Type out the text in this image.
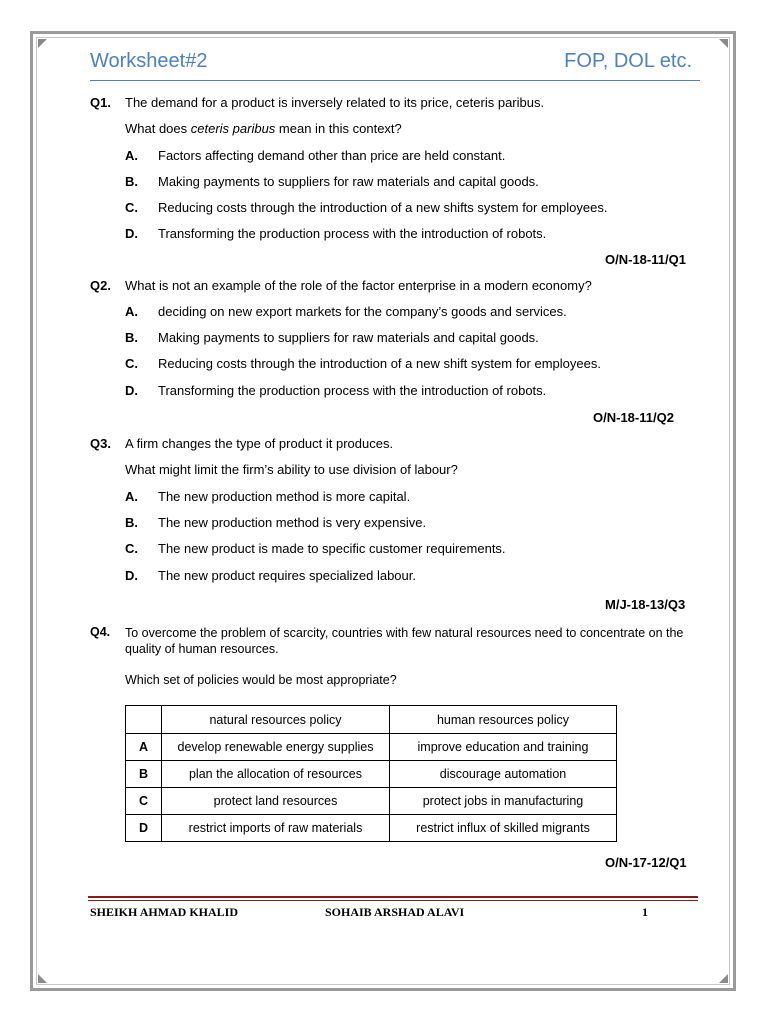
Worksheet#2	FOP, DOL etc.
Q1. The demand for a product is inversely related to its price, ceteris paribus.
What does ceteris paribus mean in this context?
A. Factors affecting demand other than price are held constant.
B. Making payments to suppliers for raw materials and capital goods.
C. Reducing costs through the introduction of a new shifts system for employees.
D. Transforming the production process with the introduction of robots.
O/N-18-11/Q1
Q2. What is not an example of the role of the factor enterprise in a modern economy?
A. deciding on new export markets for the company’s goods and services.
B. Making payments to suppliers for raw materials and capital goods.
C. Reducing costs through the introduction of a new shift system for employees.
D. Transforming the production process with the introduction of robots.
O/N-18-11/Q2
Q3. A firm changes the type of product it produces.
What might limit the firm’s ability to use division of labour?
A. The new production method is more capital.
B. The new production method is very expensive.
C. The new product is made to specific customer requirements.
D. The new product requires specialized labour.
M/J-18-13/Q3
Q4. To overcome the problem of scarcity, countries with few natural resources need to concentrate on the quality of human resources.
Which set of policies would be most appropriate?
	natural resources policy	human resources policy
A	develop renewable energy supplies	improve education and training
B	plan the allocation of resources	discourage automation
C	protect land resources	protect jobs in manufacturing
D	restrict imports of raw materials	restrict influx of skilled migrants
O/N-17-12/Q1
SHEIKH AHMAD KHALID	SOHAIB ARSHAD ALAVI	1
